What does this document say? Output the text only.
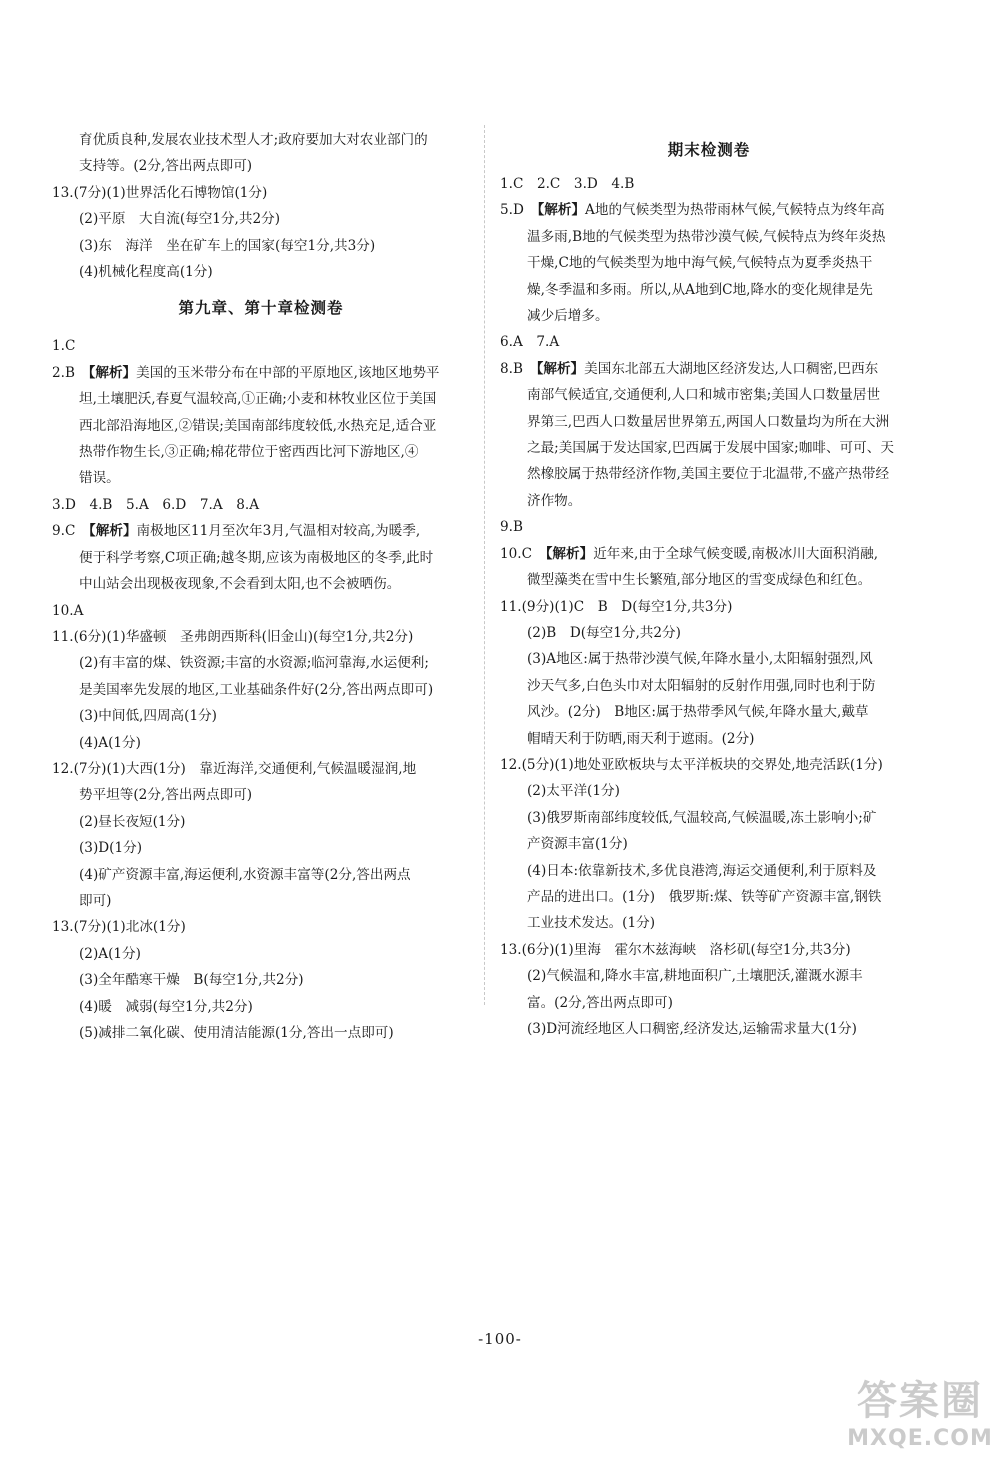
育优质良种,发展农业技术型人才;政府要加大对农业部门的

支持等。(2分,答出两点即可)

13.(7分)(1)世界活化石博物馆(1分)

(2)平原　大自流(每空1分,共2分)

(3)东　海洋　坐在矿车上的国家(每空1分,共3分)

(4)机械化程度高(1分)

第九章、第十章检测卷

1.C

2.B　【解析】美国的玉米带分布在中部的平原地区,该地区地势平

坦,土壤肥沃,春夏气温较高,①正确;小麦和林牧业区位于美国

西北部沿海地区,②错误;美国南部纬度较低,水热充足,适合亚

热带作物生长,③正确;棉花带位于密西西比河下游地区,④

错误。

3.D　4.B　5.A　6.D　7.A　8.A

9.C　【解析】南极地区11月至次年3月,气温相对较高,为暖季,

便于科学考察,C项正确;越冬期,应该为南极地区的冬季,此时

中山站会出现极夜现象,不会看到太阳,也不会被晒伤。

10.A

11.(6分)(1)华盛顿　圣弗朗西斯科(旧金山)(每空1分,共2分)

(2)有丰富的煤、铁资源;丰富的水资源;临河靠海,水运便利;

是美国率先发展的地区,工业基础条件好(2分,答出两点即可)

(3)中间低,四周高(1分)

(4)A(1分)

12.(7分)(1)大西(1分)　靠近海洋,交通便利,气候温暖湿润,地

势平坦等(2分,答出两点即可)

(2)昼长夜短(1分)

(3)D(1分)

(4)矿产资源丰富,海运便利,水资源丰富等(2分,答出两点

即可)

13.(7分)(1)北冰(1分)

(2)A(1分)

(3)全年酷寒干燥　B(每空1分,共2分)

(4)暖　减弱(每空1分,共2分)

(5)减排二氧化碳、使用清洁能源(1分,答出一点即可)

期末检测卷

1.C　2.C　3.D　4.B

5.D　【解析】A地的气候类型为热带雨林气候,气候特点为终年高

温多雨,B地的气候类型为热带沙漠气候,气候特点为终年炎热

干燥,C地的气候类型为地中海气候,气候特点为夏季炎热干

燥,冬季温和多雨。所以,从A地到C地,降水的变化规律是先

减少后增多。

6.A　7.A

8.B　【解析】美国东北部五大湖地区经济发达,人口稠密,巴西东

南部气候适宜,交通便利,人口和城市密集;美国人口数量居世

界第三,巴西人口数量居世界第五,两国人口数量均为所在大洲

之最;美国属于发达国家,巴西属于发展中国家;咖啡、可可、天

然橡胶属于热带经济作物,美国主要位于北温带,不盛产热带经

济作物。

9.B

10.C　【解析】近年来,由于全球气候变暖,南极冰川大面积消融,

微型藻类在雪中生长繁殖,部分地区的雪变成绿色和红色。

11.(9分)(1)C　B　D(每空1分,共3分)

(2)B　D(每空1分,共2分)

(3)A地区:属于热带沙漠气候,年降水量小,太阳辐射强烈,风

沙天气多,白色头巾对太阳辐射的反射作用强,同时也利于防

风沙。(2分)　B地区:属于热带季风气候,年降水量大,戴草

帽晴天利于防晒,雨天利于遮雨。(2分)

12.(5分)(1)地处亚欧板块与太平洋板块的交界处,地壳活跃(1分)

(2)太平洋(1分)

(3)俄罗斯南部纬度较低,气温较高,气候温暖,冻土影响小;矿

产资源丰富(1分)

(4)日本:依靠新技术,多优良港湾,海运交通便利,利于原料及

产品的进出口。(1分)　俄罗斯:煤、铁等矿产资源丰富,钢铁

工业技术发达。(1分)

13.(6分)(1)里海　霍尔木兹海峡　洛杉矶(每空1分,共3分)

(2)气候温和,降水丰富,耕地面积广,土壤肥沃,灌溉水源丰

富。(2分,答出两点即可)

(3)D河流经地区人口稠密,经济发达,运输需求量大(1分)

-100-
答案圈
MXQE.COM
